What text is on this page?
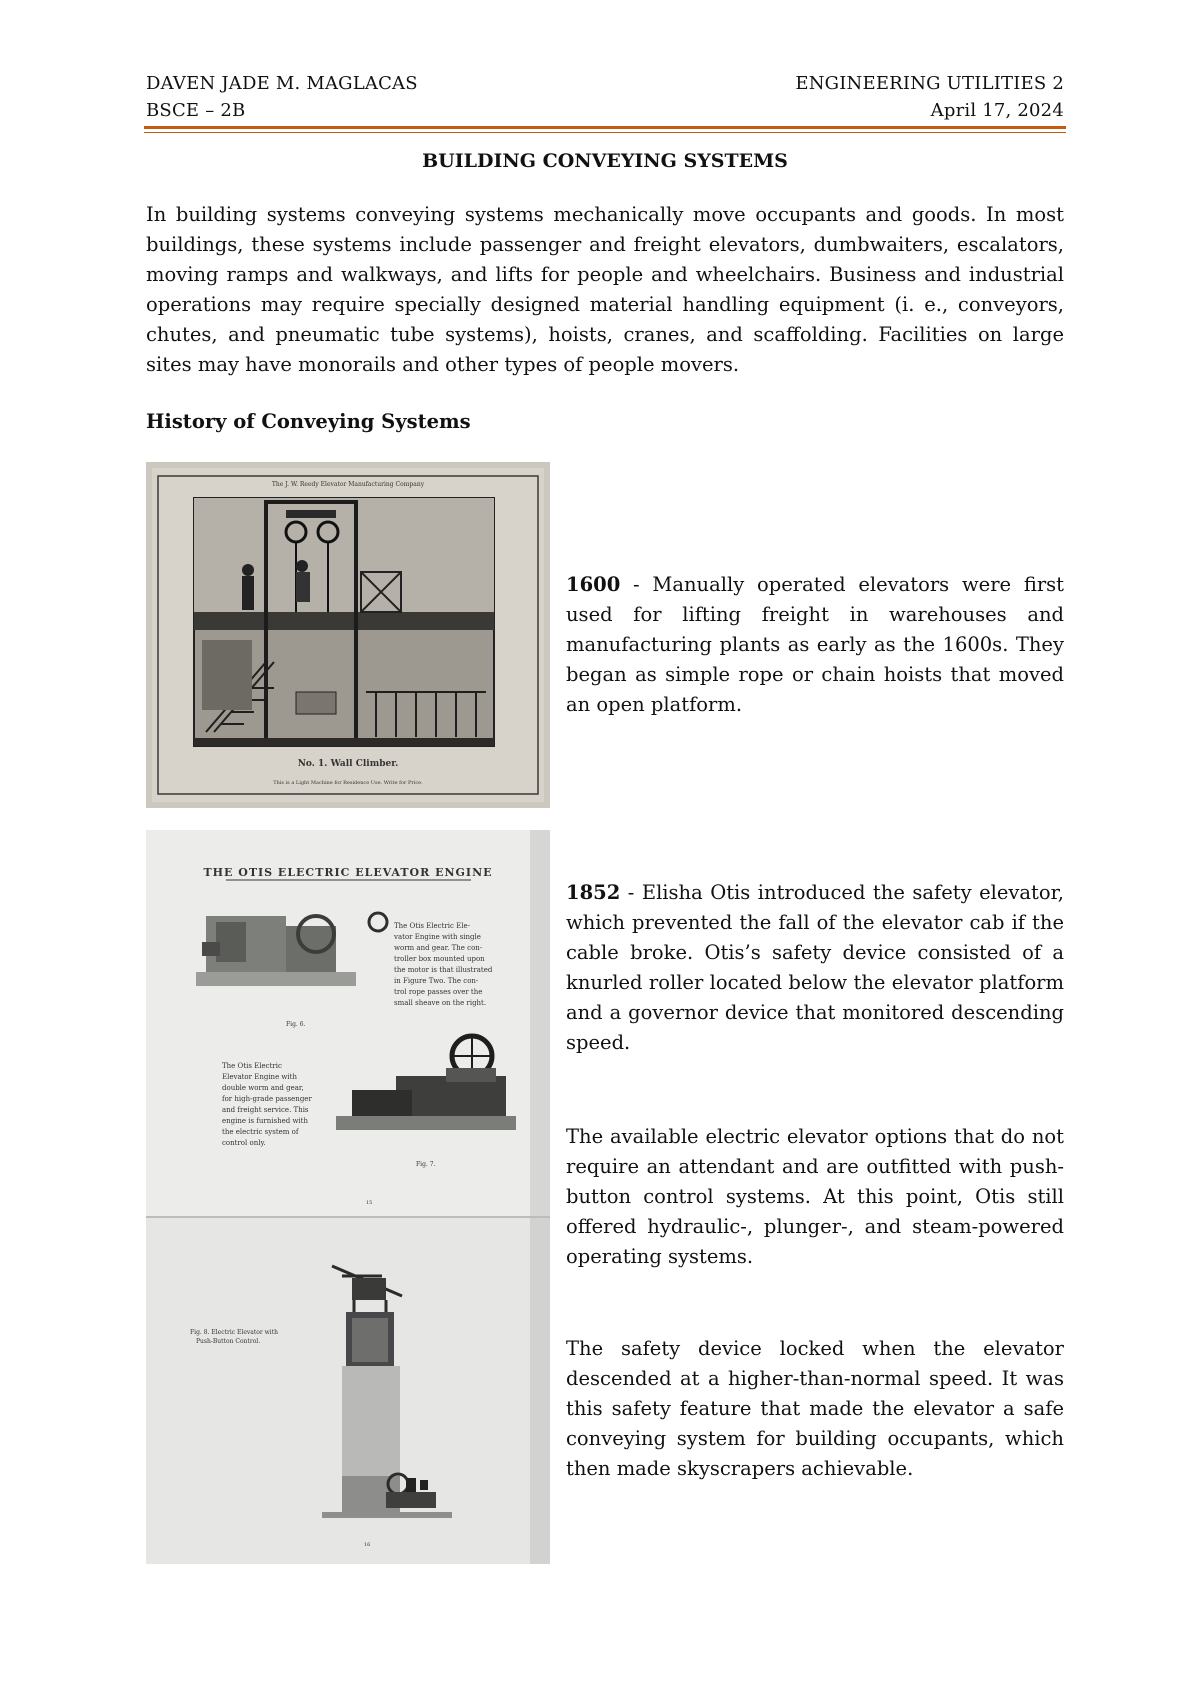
DAVEN JADE M. MAGLACAS	ENGINEERING UTILITIES 2
BSCE – 2B	April 17, 2024
BUILDING CONVEYING SYSTEMS

In building systems conveying systems mechanically move occupants and goods. In most buildings, these systems include passenger and freight elevators, dumbwaiters, escalators, moving ramps and walkways, and lifts for people and wheelchairs. Business and industrial operations may require specially designed material handling equipment (i. e., conveyors, chutes, and pneumatic tube systems), hoists, cranes, and scaffolding. Facilities on large sites may have monorails and other types of people movers.

History of Conveying Systems
The J. W. Reedy Elevator Manufacturing Company
No. 1. Wall Climber.
This is a Light Machine for Residence Use. Write for Price.

1600 - Manually operated elevators were first used for lifting freight in warehouses and manufacturing plants as early as the 1600s. They began as simple rope or chain hoists that moved an open platform.

THE OTIS ELECTRIC ELEVATOR ENGINE
The Otis Electric Ele-
vator Engine with single
worm and gear. The con-
troller box mounted upon
the motor is that illustrated
in Figure Two. The con-
trol rope passes over the
small sheave on the right.
Fig. 6.
The Otis Electric
Elevator Engine with
double worm and gear,
for high-grade passenger
and freight service. This
engine is furnished with
the electric system of
control only.
Fig. 7.
15

1852 - Elisha Otis introduced the safety elevator, which prevented the fall of the elevator cab if the cable broke. Otis’s safety device consisted of a knurled roller located below the elevator platform and a governor device that monitored descending speed.

The available electric elevator options that do not require an attendant and are outfitted with push-button control systems. At this point, Otis still offered hydraulic-, plunger-, and steam-powered operating systems.

Fig. 8. Electric Elevator with
Push-Button Control.
16

The safety device locked when the elevator descended at a higher-than-normal speed. It was this safety feature that made the elevator a safe conveying system for building occupants, which then made skyscrapers achievable.
